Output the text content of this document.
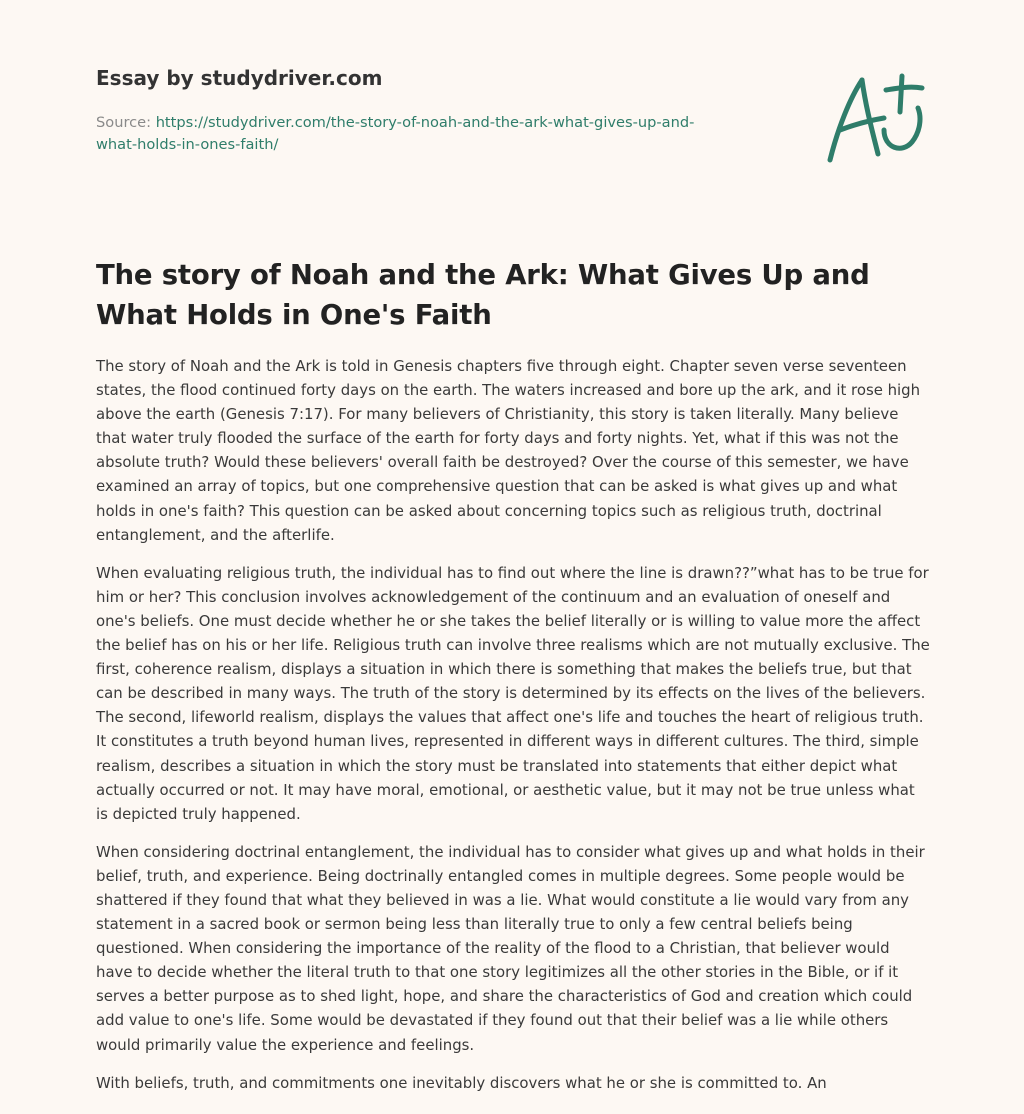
Essay by studydriver.com
Source: https://studydriver.com/the-story-of-noah-and-the-ark-what-gives-up-and-
what-holds-in-ones-faith/
The story of Noah and the Ark: What Gives Up and What Holds in One's Faith

The story of Noah and the Ark is told in Genesis chapters five through eight. Chapter seven verse seventeen states, the flood continued forty days on the earth. The waters increased and bore up the ark, and it rose high above the earth (Genesis 7:17). For many believers of Christianity, this story is taken literally. Many believe that water truly flooded the surface of the earth for forty days and forty nights. Yet, what if this was not the absolute truth? Would these believers' overall faith be destroyed? Over the course of this semester, we have examined an array of topics, but one comprehensive question that can be asked is what gives up and what holds in one's faith? This question can be asked about concerning topics such as religious truth, doctrinal entanglement, and the afterlife.

When evaluating religious truth, the individual has to find out where the line is drawn??”what has to be true for him or her? This conclusion involves acknowledgement of the continuum and an evaluation of oneself and one's beliefs. One must decide whether he or she takes the belief literally or is willing to value more the affect the belief has on his or her life. Religious truth can involve three realisms which are not mutually exclusive. The first, coherence realism, displays a situation in which there is something that makes the beliefs true, but that can be described in many ways. The truth of the story is determined by its effects on the lives of the believers. The second, lifeworld realism, displays the values that affect one's life and touches the heart of religious truth. It constitutes a truth beyond human lives, represented in different ways in different cultures. The third, simple realism, describes a situation in which the story must be translated into statements that either depict what actually occurred or not. It may have moral, emotional, or aesthetic value, but it may not be true unless what is depicted truly happened.

When considering doctrinal entanglement, the individual has to consider what gives up and what holds in their belief, truth, and experience. Being doctrinally entangled comes in multiple degrees. Some people would be shattered if they found that what they believed in was a lie. What would constitute a lie would vary from any statement in a sacred book or sermon being less than literally true to only a few central beliefs being questioned. When considering the importance of the reality of the flood to a Christian, that believer would have to decide whether the literal truth to that one story legitimizes all the other stories in the Bible, or if it serves a better purpose as to shed light, hope, and share the characteristics of God and creation which could add value to one's life. Some would be devastated if they found out that their belief was a lie while others would primarily value the experience and feelings.

With beliefs, truth, and commitments one inevitably discovers what he or she is committed to. An
